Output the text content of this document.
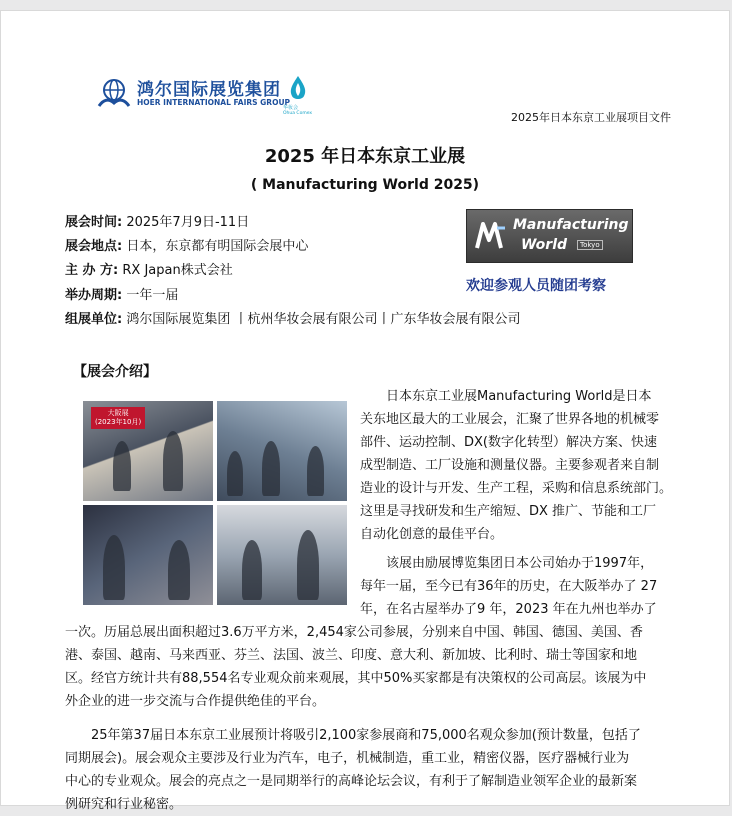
鸿尔国际展览集团
HOER INTERNATIONAL FAIRS GROUP
华妆会
Ohua Comex	2025年日本东京工业展项目文件
2025 年日本东京工业展
( Manufacturing World 2025)
展会时间: 2025年7月9日-11日
展会地点: 日本，东京都有明国际会展中心
主 办 方: RX Japan株式会社
举办周期: 一年一届
组展单位: 鸿尔国际展览集团 丨杭州华妆会展有限公司丨广东华妆会展有限公司
Manufacturing
World	Tokyo
欢迎参观人员随团考察
【展会介绍】
大阪展
(2023年10月)
日本东京工业展Manufacturing World是日本
关东地区最大的工业展会，汇聚了世界各地的机械零
部件、运动控制、DX(数字化转型）解决方案、快速
成型制造、工厂设施和测量仪器。主要参观者来自制
造业的设计与开发、生产工程，采购和信息系统部门。
这里是寻找研发和生产缩短、DX 推广、节能和工厂
自动化创意的最佳平台。
该展由励展博览集团日本公司始办于1997年，
每年一届，至今已有36年的历史，在大阪举办了 27
年，在名古屋举办了9 年，2023 年在九州也举办了
一次。历届总展出面积超过3.6万平方米，2,454家公司参展，分别来自中国、韩国、德国、美国、香
港、泰国、越南、马来西亚、芬兰、法国、波兰、印度、意大利、新加坡、比利时、瑞士等国家和地
区。经官方统计共有88,554名专业观众前来观展，其中50%买家都是有决策权的公司高层。该展为中
外企业的进一步交流与合作提供绝佳的平台。
25年第37届日本东京工业展预计将吸引2,100家参展商和75,000名观众参加(预计数量，包括了
同期展会)。展会观众主要涉及行业为汽车，电子，机械制造，重工业，精密仪器，医疗器械行业为
中心的专业观众。展会的亮点之一是同期举行的高峰论坛会议，有利于了解制造业领军企业的最新案
例研究和行业秘密。
